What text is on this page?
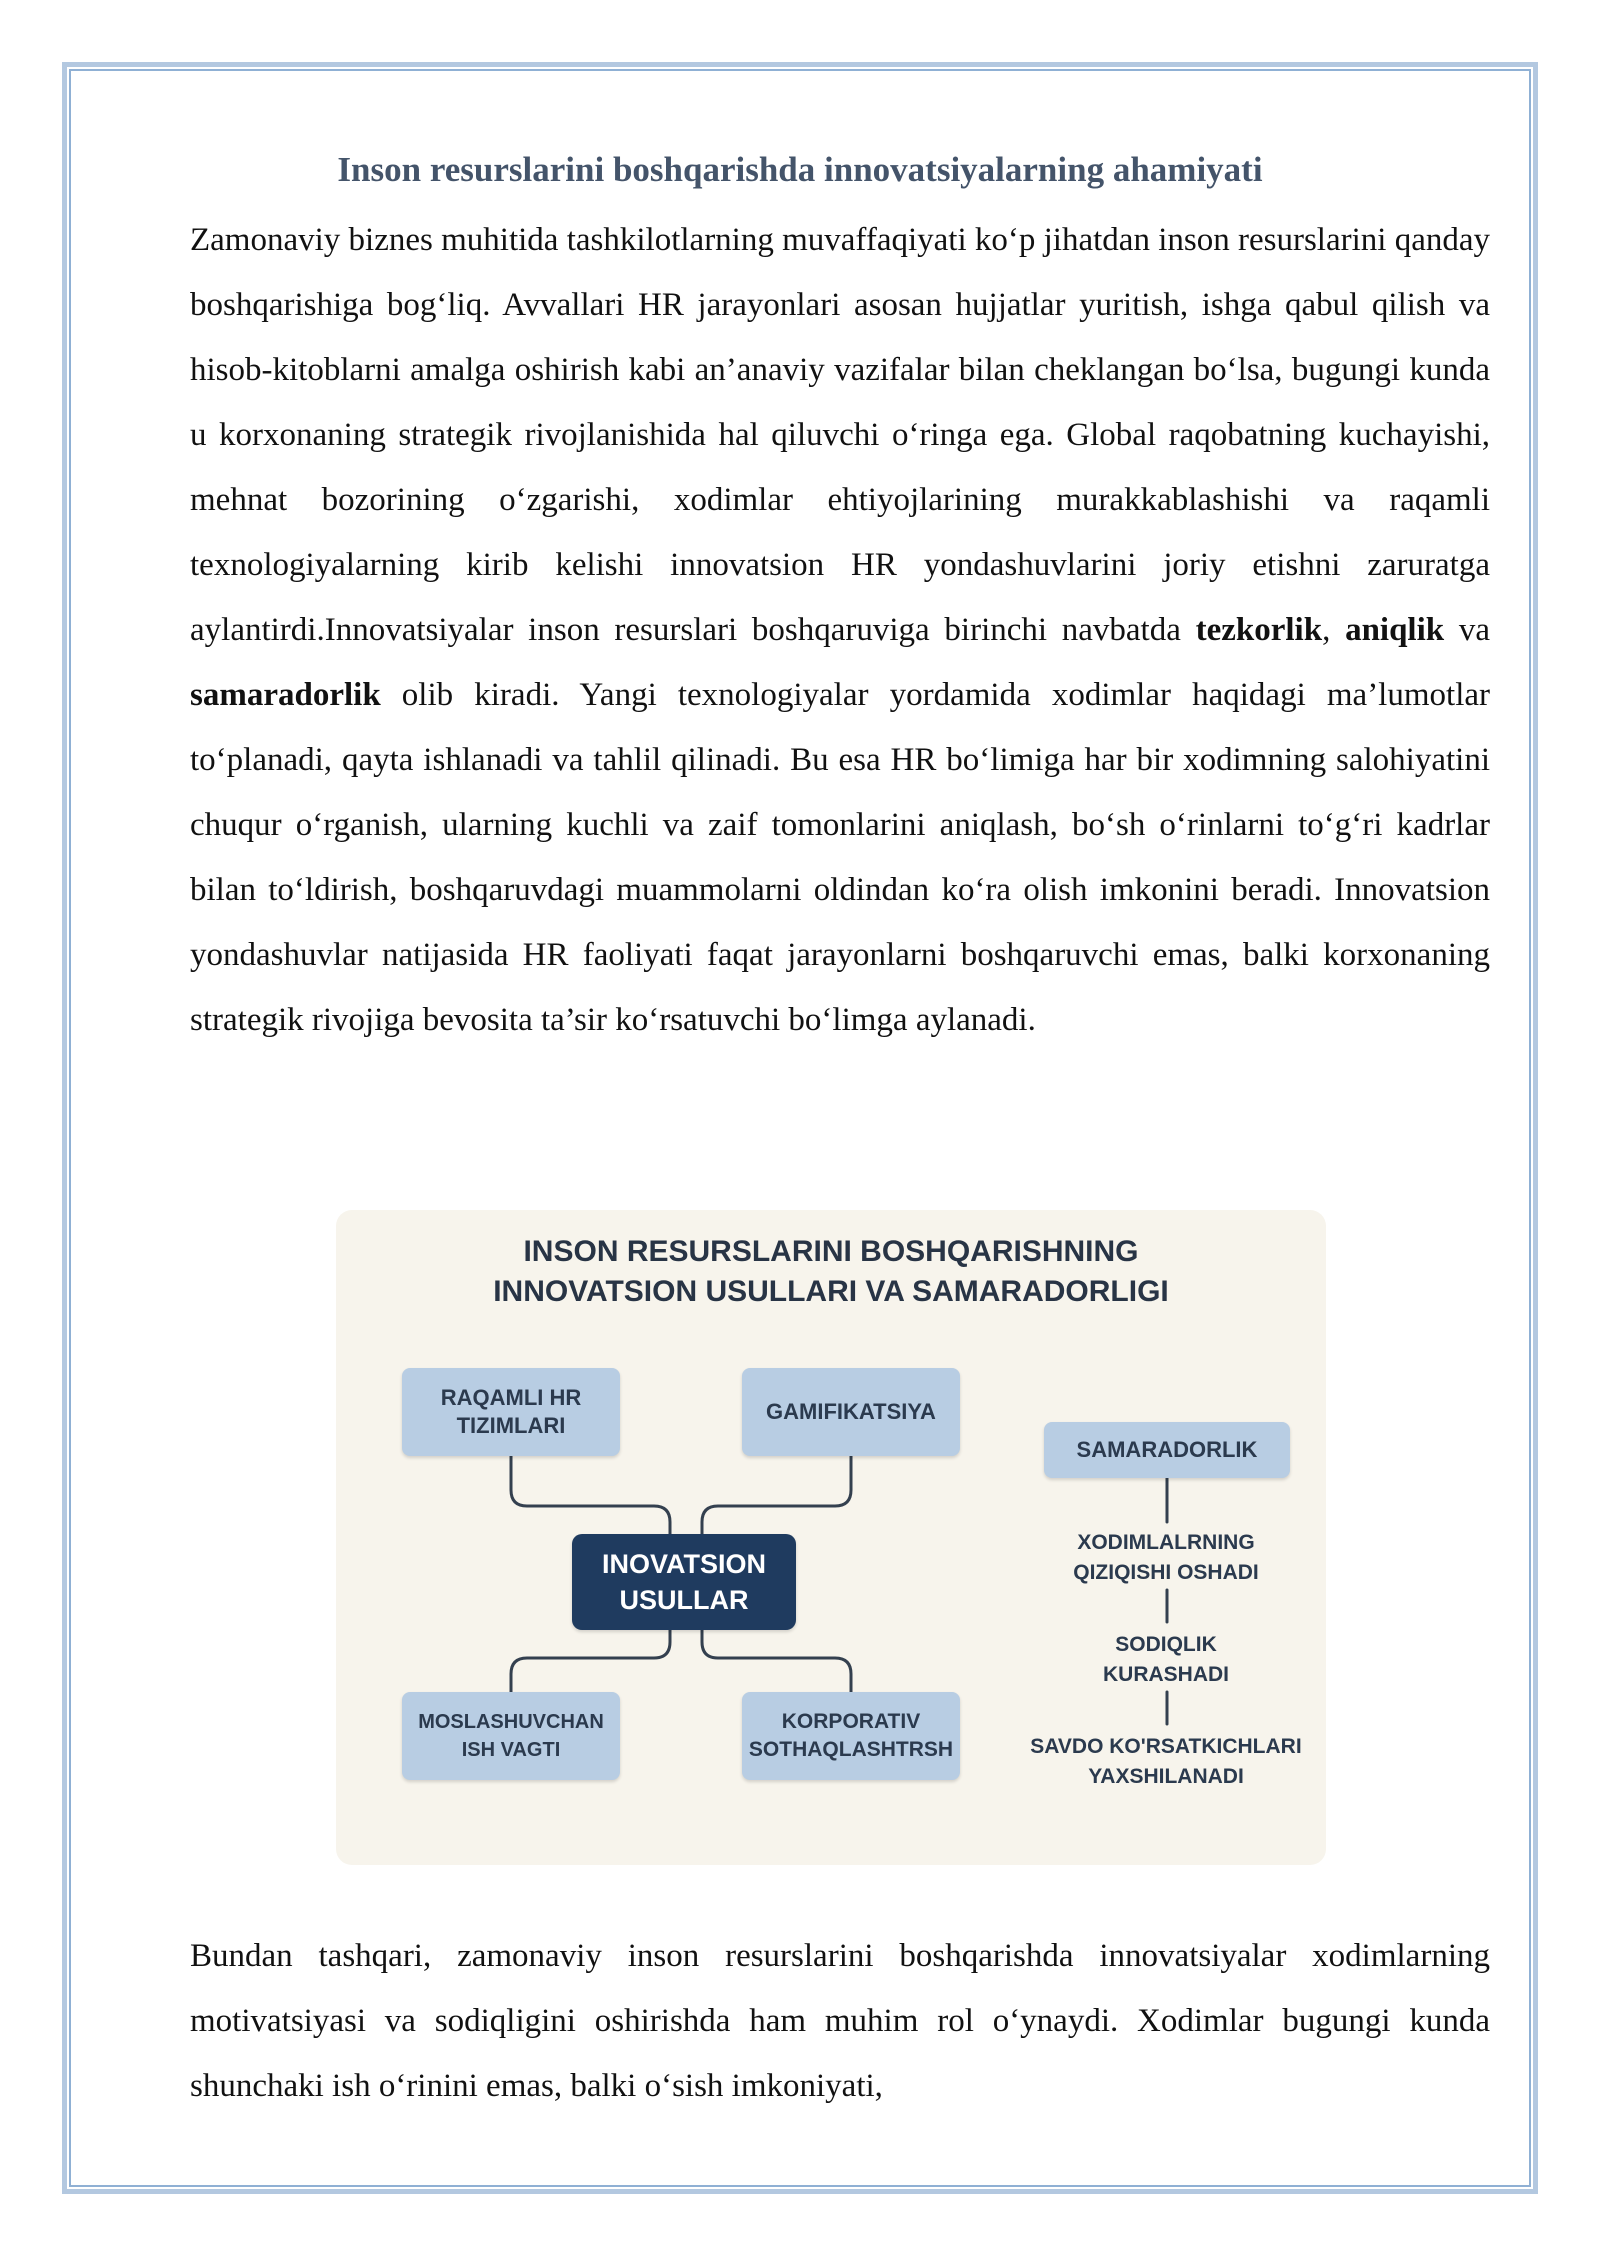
Inson resurslarini boshqarishda innovatsiyalarning ahamiyati

Zamonaviy biznes muhitida tashkilotlarning muvaffaqiyati ko‘p jihatdan inson resurslarini qanday boshqarishiga bog‘liq. Avvallari HR jarayonlari asosan hujjatlar yuritish, ishga qabul qilish va hisob-kitoblarni amalga oshirish kabi an’anaviy vazifalar bilan cheklangan bo‘lsa, bugungi kunda u korxonaning strategik rivojlanishida hal qiluvchi o‘ringa ega. Global raqobatning kuchayishi, mehnat bozorining o‘zgarishi, xodimlar ehtiyojlarining murakkablashishi va raqamli texnologiyalarning kirib kelishi innovatsion HR yondashuvlarini joriy etishni zaruratga aylantirdi.Innovatsiyalar inson resurslari boshqaruviga birinchi navbatda tezkorlik, aniqlik va samaradorlik olib kiradi. Yangi texnologiyalar yordamida xodimlar haqidagi ma’lumotlar to‘planadi, qayta ishlanadi va tahlil qilinadi. Bu esa HR bo‘limiga har bir xodimning salohiyatini chuqur o‘rganish, ularning kuchli va zaif tomonlarini aniqlash, bo‘sh o‘rinlarni to‘g‘ri kadrlar bilan to‘ldirish, boshqaruvdagi muammolarni oldindan ko‘ra olish imkonini beradi. Innovatsion yondashuvlar natijasida HR faoliyati faqat jarayonlarni boshqaruvchi emas, balki korxonaning strategik rivojiga bevosita ta’sir ko‘rsatuvchi bo‘limga aylanadi.

INSON RESURSLARINI BOSHQARISHNING
INNOVATSION USULLARI VA SAMARADORLIGI
RAQAMLI HR
TIZIMLARI
GAMIFIKATSIYA
INOVATSION
USULLAR
MOSLASHUVCHAN
ISH VAGTI
KORPORATIV
SOTHAQLASHTRSH
SAMARADORLIK

XODIMLALRNING
QIZIQISHI OSHADI

SODIQLIK
KURASHADI

SAVDO KO'RSATKICHLARI
YAXSHILANADI

Bundan tashqari, zamonaviy inson resurslarini boshqarishda innovatsiyalar xodimlarning motivatsiyasi va sodiqligini oshirishda ham muhim rol o‘ynaydi. Xodimlar bugungi kunda shunchaki ish o‘rinini emas, balki o‘sish imkoniyati,
